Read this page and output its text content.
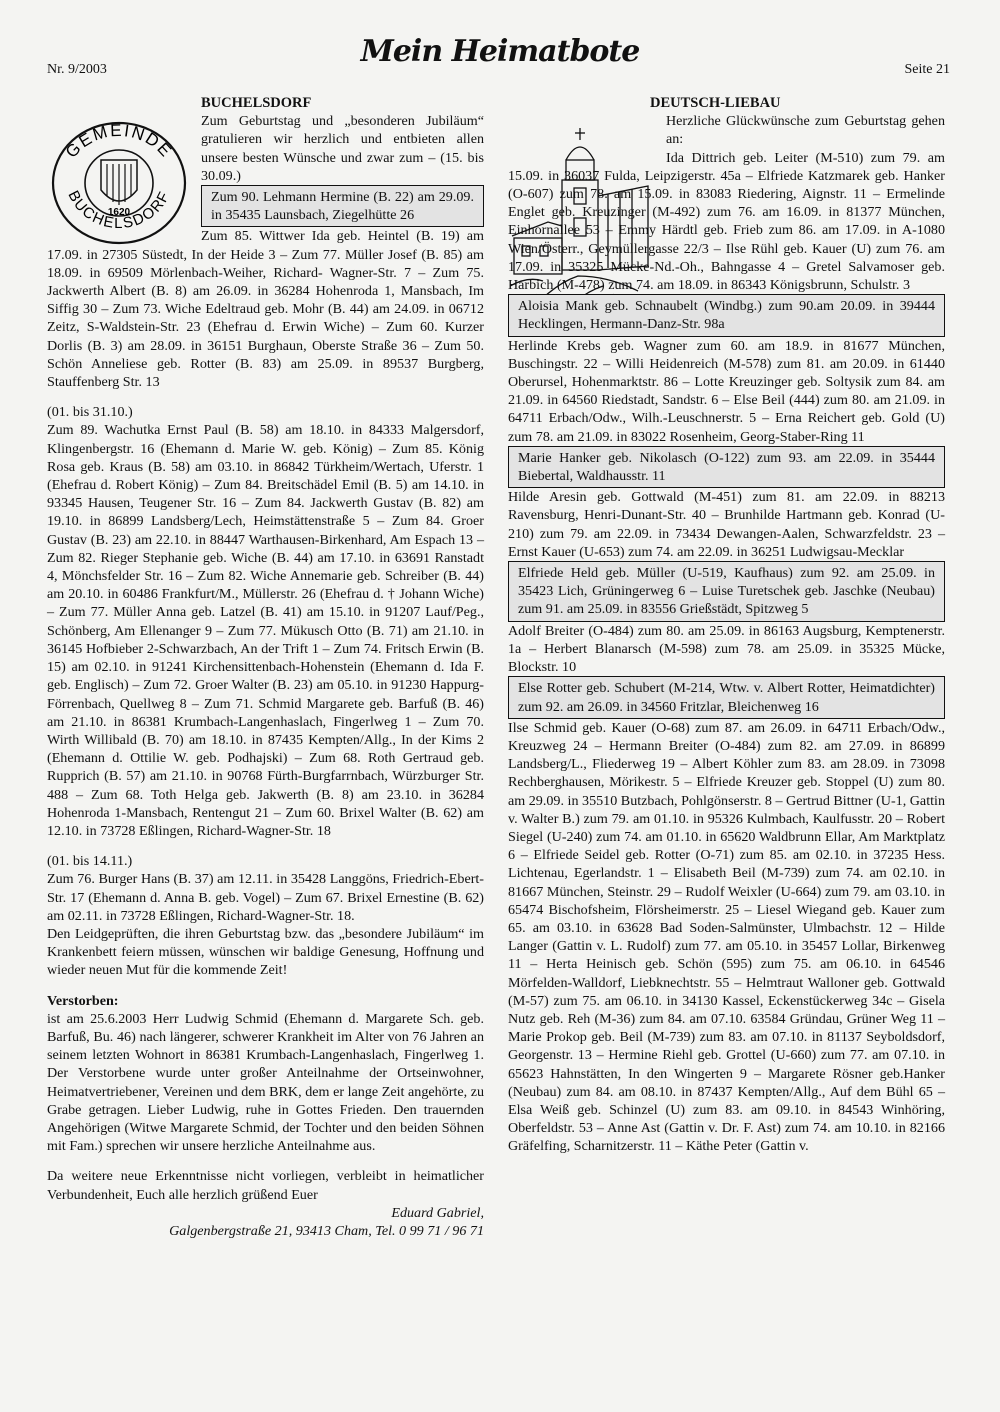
Nr. 9/2003
Mein Heimatbote
Seite 21
1620
GEMEINDE
BUCHELSDORF

BUCHELSDORF

Zum Geburtstag und „besonderen Jubiläum“ gratulieren wir herzlich und entbieten allen unsere besten Wünsche und zwar zum – (15. bis 30.09.)

Zum 90. Lehmann Hermine (B. 22) am 29.09. in 35435 Launsbach, Ziegelhütte 26

Zum 85. Wittwer Ida geb. Heintel (B. 19) am 17.09. in 27305 Süstedt, In der Heide 3 – Zum 77. Müller Josef (B. 85) am 18.09. in 69509 Mörlenbach-Weiher, Richard- Wagner-Str. 7 – Zum 75. Jackwerth Albert (B. 8) am 26.09. in 36284 Hohenroda 1, Mansbach, Im Siffig 30 – Zum 73. Wiche Edeltraud geb. Mohr (B. 44) am 24.09. in 06712 Zeitz, S-Waldstein-Str. 23 (Ehefrau d. Erwin Wiche) – Zum 60. Kurzer Dorlis (B. 3) am 28.09. in 36151 Burghaun, Oberste Straße 36 – Zum 50. Schön Anneliese geb. Rotter (B. 83) am 25.09. in 89537 Burgberg, Stauffenberg Str. 13

(01. bis 31.10.)

Zum 89. Wachutka Ernst Paul (B. 58) am 18.10. in 84333 Malgersdorf, Klingenbergstr. 16 (Ehemann d. Marie W. geb. König) – Zum 85. König Rosa geb. Kraus (B. 58) am 03.10. in 86842 Türkheim/Wertach, Uferstr. 1 (Ehefrau d. Robert König) – Zum 84. Breitschädel Emil (B. 5) am 14.10. in 93345 Hausen, Teugener Str. 16 – Zum 84. Jackwerth Gustav (B. 82) am 19.10. in 86899 Landsberg/Lech, Heimstättenstraße 5 – Zum 84. Groer Gustav (B. 23) am 22.10. in 88447 Warthausen-Birkenhard, Am Espach 13 – Zum 82. Rieger Stephanie geb. Wiche (B. 44) am 17.10. in 63691 Ranstadt 4, Mönchsfelder Str. 16 – Zum 82. Wiche Annemarie geb. Schreiber (B. 44) am 20.10. in 60486 Frankfurt/M., Müllerstr. 26 (Ehefrau d. † Johann Wiche) – Zum 77. Müller Anna geb. Latzel (B. 41) am 15.10. in 91207 Lauf/Peg., Schönberg, Am Ellenanger 9 – Zum 77. Mükusch Otto (B. 71) am 21.10. in 36145 Hofbieber 2-Schwarzbach, An der Trift 1 – Zum 74. Fritsch Erwin (B. 15) am 02.10. in 91241 Kirchensittenbach-Hohenstein (Ehemann d. Ida F. geb. Englisch) – Zum 72. Groer Walter (B. 23) am 05.10. in 91230 Happurg- Förrenbach, Quellweg 8 – Zum 71. Schmid Margarete geb. Barfuß (B. 46) am 21.10. in 86381 Krumbach-Langenhaslach, Fingerlweg 1 – Zum 70. Wirth Willibald (B. 70) am 18.10. in 87435 Kempten/Allg., In der Kims 2 (Ehemann d. Ottilie W. geb. Podhajski) – Zum 68. Roth Gertraud geb. Rupprich (B. 57) am 21.10. in 90768 Fürth-Burgfarrnbach, Würzburger Str. 488 – Zum 68. Toth Helga geb. Jakwerth (B. 8) am 23.10. in 36284 Hohenroda 1-Mansbach, Rentengut 21 – Zum 60. Brixel Walter (B. 62) am 12.10. in 73728 Eßlingen, Richard-Wagner-Str. 18

(01. bis 14.11.)

Zum 76. Burger Hans (B. 37) am 12.11. in 35428 Langgöns, Friedrich-Ebert-Str. 17 (Ehemann d. Anna B. geb. Vogel) – Zum 67. Brixel Ernestine (B. 62) am 02.11. in 73728 Eßlingen, Richard-Wagner-Str. 18.

Den Leidgeprüften, die ihren Geburtstag bzw. das „besondere Jubiläum“ im Krankenbett feiern müssen, wünschen wir baldige Genesung, Hoffnung und wieder neuen Mut für die kommende Zeit!

Verstorben:

ist am 25.6.2003 Herr Ludwig Schmid (Ehemann d. Margarete Sch. geb. Barfuß, Bu. 46) nach längerer, schwerer Krankheit im Alter von 76 Jahren an seinem letzten Wohnort in 86381 Krumbach-Langenhaslach, Fingerlweg 1. Der Verstorbene wurde unter großer Anteilnahme der Ortseinwohner, Heimatvertriebener, Vereinen und dem BRK, dem er lange Zeit angehörte, zu Grabe getragen. Lieber Ludwig, ruhe in Gottes Frieden. Den trauernden Angehörigen (Witwe Margarete Schmid, der Tochter und den beiden Söhnen mit Fam.) sprechen wir unsere herzliche Anteilnahme aus.

Da weitere neue Erkenntnisse nicht vorliegen, verbleibt in heimatlicher Verbundenheit, Euch alle herzlich grüßend Euer

Eduard Gabriel,

Galgenbergstraße 21, 93413 Cham, Tel. 0 99 71 / 96 71

DEUTSCH-LIEBAU

Herzliche Glückwünsche zum Geburtstag gehen an:

Ida Dittrich geb. Leiter (M-510) zum 79. am 15.09. in 36037 Fulda, Leipzigerstr. 45a – Elfriede Katzmarek geb. Hanker (O-607) zum 78. am 15.09. in 83083 Riedering, Aignstr. 11 – Ermelinde Englet geb. Kreuzinger (M-492) zum 76. am 16.09. in 81377 München, Einhornallee 53 – Emmy Härdtl geb. Frieb zum 86. am 17.09. in A-1080 Wien/Österr., Geymüllergasse 22/3 – Ilse Rühl geb. Kauer (U) zum 76. am 17.09. in 35325 Mücke-Nd.-Oh., Bahngasse 4 – Gretel Salvamoser geb. Harbich (M-478) zum 74. am 18.09. in 86343 Königsbrunn, Schulstr. 3

Aloisia Mank geb. Schnaubelt (Windbg.) zum 90.am 20.09. in 39444 Hecklingen, Hermann-Danz-Str. 98a

Herlinde Krebs geb. Wagner zum 60. am 18.9. in 81677 München, Buschingstr. 22 – Willi Heidenreich (M-578) zum 81. am 20.09. in 61440 Oberursel, Hohenmarktstr. 86 – Lotte Kreuzinger geb. Soltysik zum 84. am 21.09. in 64560 Riedstadt, Sandstr. 6 – Else Beil (444) zum 80. am 21.09. in 64711 Erbach/Odw., Wilh.-Leuschnerstr. 5 – Erna Reichert geb. Gold (U) zum 78. am 21.09. in 83022 Rosenheim, Georg-Staber-Ring 11

Marie Hanker geb. Nikolasch (O-122) zum 93. am 22.09. in 35444 Biebertal, Waldhausstr. 11

Hilde Aresin geb. Gottwald (M-451) zum 81. am 22.09. in 88213 Ravensburg, Henri-Dunant-Str. 40 – Brunhilde Hartmann geb. Konrad (U-210) zum 79. am 22.09. in 73434 Dewangen-Aalen, Schwarzfeldstr. 23 – Ernst Kauer (U-653) zum 74. am 22.09. in 36251 Ludwigsau-Mecklar

Elfriede Held geb. Müller (U-519, Kaufhaus) zum 92. am 25.09. in 35423 Lich, Grüningerweg 6 – Luise Turetschek geb. Jaschke (Neubau) zum 91. am 25.09. in 83556 Grießstädt, Spitzweg 5

Adolf Breiter (O-484) zum 80. am 25.09. in 86163 Augsburg, Kemptenerstr. 1a – Herbert Blanarsch (M-598) zum 78. am 25.09. in 35325 Mücke, Blockstr. 10

Else Rotter geb. Schubert (M-214, Wtw. v. Albert Rotter, Heimatdichter) zum 92. am 26.09. in 34560 Fritzlar, Bleichenweg 16

Ilse Schmid geb. Kauer (O-68) zum 87. am 26.09. in 64711 Erbach/Odw., Kreuzweg 24 – Hermann Breiter (O-484) zum 82. am 27.09. in 86899 Landsberg/L., Fliederweg 19 – Albert Köhler zum 83. am 28.09. in 73098 Rechberghausen, Mörikestr. 5 – Elfriede Kreuzer geb. Stoppel (U) zum 80. am 29.09. in 35510 Butzbach, Pohlgönserstr. 8 – Gertrud Bittner (U-1, Gattin v. Walter B.) zum 79. am 01.10. in 95326 Kulmbach, Kaulfusstr. 20 – Robert Siegel (U-240) zum 74. am 01.10. in 65620 Waldbrunn Ellar, Am Marktplatz 6 – Elfriede Seidel geb. Rotter (O-71) zum 85. am 02.10. in 37235 Hess. Lichtenau, Egerlandstr. 1 – Elisabeth Beil (M-739) zum 74. am 02.10. in 81667 München, Steinstr. 29 – Rudolf Weixler (U-664) zum 79. am 03.10. in 65474 Bischofsheim, Flörsheimerstr. 25 – Liesel Wiegand geb. Kauer zum 65. am 03.10. in 63628 Bad Soden-Salmünster, Ulmbachstr. 12 – Hilde Langer (Gattin v. L. Rudolf) zum 77. am 05.10. in 35457 Lollar, Birkenweg 11 – Herta Heinisch geb. Schön (595) zum 75. am 06.10. in 64546 Mörfelden-Walldorf, Liebknechtstr. 55 – Helmtraut Walloner geb. Gottwald (M-57) zum 75. am 06.10. in 34130 Kassel, Eckenstückerweg 34c – Gisela Nutz geb. Reh (M-36) zum 84. am 07.10. 63584 Gründau, Grüner Weg 11 – Marie Prokop geb. Beil (M-739) zum 83. am 07.10. in 81137 Seyboldsdorf, Georgenstr. 13 – Hermine Riehl geb. Grottel (U-660) zum 77. am 07.10. in 65623 Hahnstätten, In den Wingerten 9 – Margarete Rösner geb.Hanker (Neubau) zum 84. am 08.10. in 87437 Kempten/Allg., Auf dem Bühl 65 – Elsa Weiß geb. Schinzel (U) zum 83. am 09.10. in 84543 Winhöring, Oberfeldstr. 53 – Anne Ast (Gattin v. Dr. F. Ast) zum 74. am 10.10. in 82166 Gräfelfing, Scharnitzerstr. 11 – Käthe Peter (Gattin v.
